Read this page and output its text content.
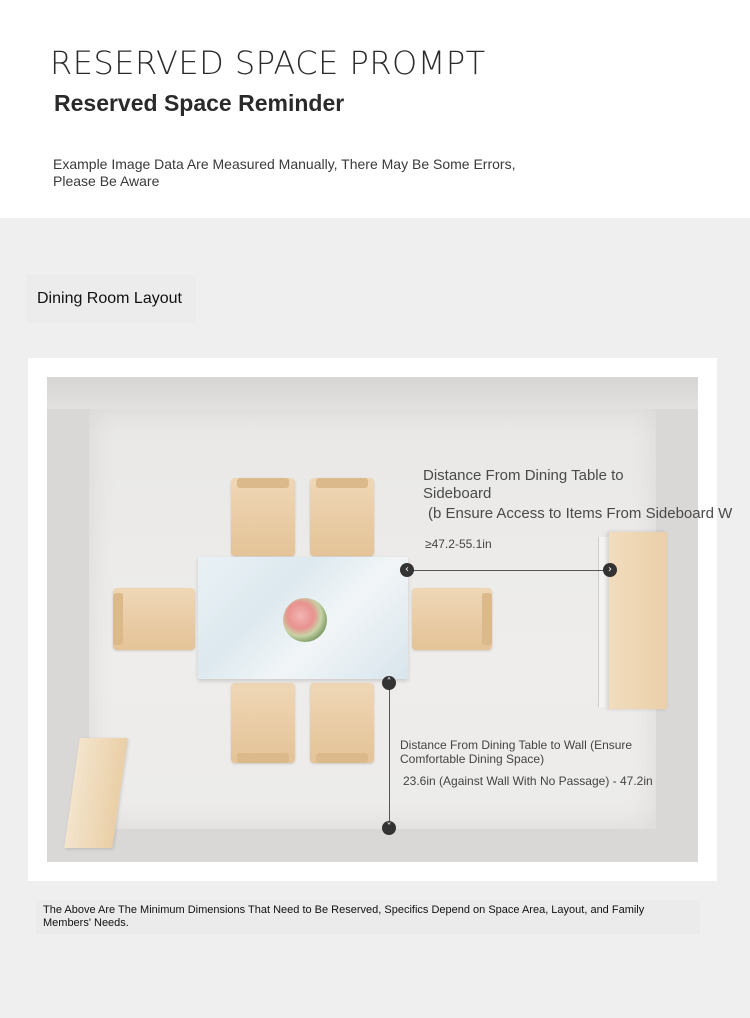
RESERVED SPACE PROMPT
Reserved Space Reminder
Example Image Data Are Measured Manually, There May Be Some Errors, Please Be Aware
Dining Room Layout
‹	›
˄
˅
Distance From Dining Table to Sideboard
(b Ensure Access to Items From Sideboard W
≥47.2-55.1in
Distance From Dining Table to Wall (Ensure Comfortable Dining Space)
23.6in (Against Wall With No Passage) - 47.2in
The Above Are The Minimum Dimensions That Need to Be Reserved, Specifics Depend on Space Area, Layout, and Family Members' Needs.
